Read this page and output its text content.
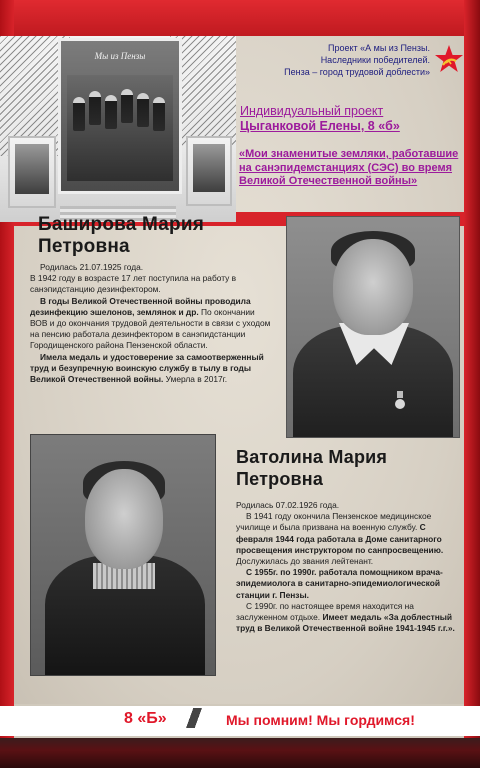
Мы из Пензы
Проект «А мы из Пензы.
Наследники победителей.
Пенза – город трудовой доблести»
Индивидуальный проект
Цыганковой Елены, 8 «б»
«Мои знаменитые земляки, работавшие на санэпидемстанциях (СЭС) во время Великой Отечественной войны»
Баширова Мария
Петровна

Родилась 21.07.1925 года.

В 1942 году в возрасте 17 лет поступила на работу в санэпидстанцию дезинфектором.

В годы Великой Отечественной войны проводила дезинфекцию эшелонов, землянок и др. По окончании ВОВ и до окончания трудовой деятельности в связи с уходом на пенсию работала дезинфектором в санэпидстанции Городищенского района Пензенской области.

Имела медаль и удостоверение за самоотверженный труд и безупречную воинскую службу в тылу в годы Великой Отечественной войны. Умерла в 2017г.

Ватолина Мария
Петровна

Родилась 07.02.1926 года.

В 1941 году окончила Пензенское медицинское училище и была призвана на военную службу. С февраля 1944 года работала в Доме санитарного просвещения инструктором по санпросвещению. Дослужилась до звания лейтенант.

С 1955г. по 1990г. работала помощником врача-эпидемиолога в санитарно-эпидемиологической станции г. Пензы.

С 1990г. по настоящее время находится на заслуженном отдыхе. Имеет медаль «За доблестный труд в Великой Отечественной войне 1941-1945 г.г.».

8 «Б»	Мы помним! Мы гордимся!
